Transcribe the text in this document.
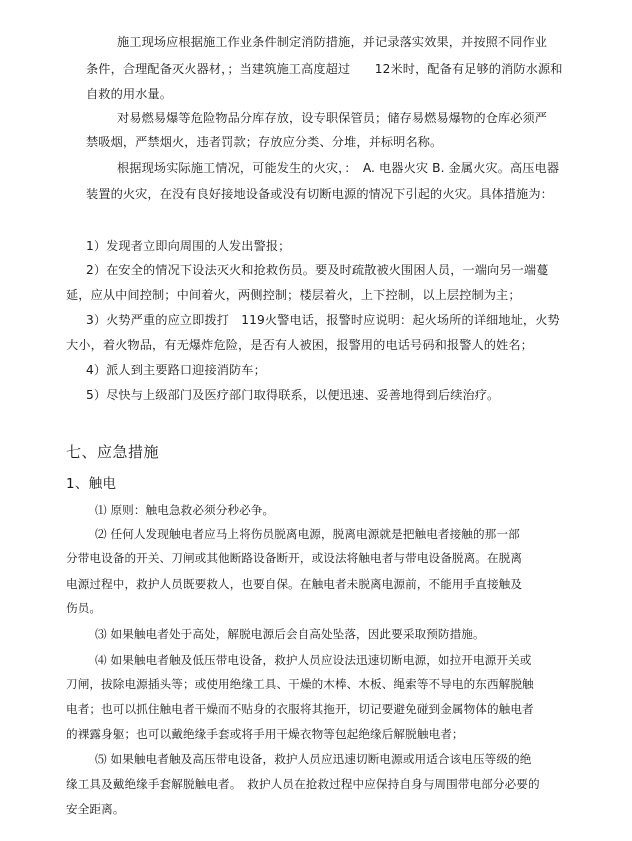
施工现场应根据施工作业条件制定消防措施，并记录落实效果，并按照不同作业
条件，合理配备灭火器材，；当建筑施工高度超过　　12米时，配备有足够的消防水源和
自救的用水量。
对易燃易爆等危险物品分库存放，设专职保管员；储存易燃易爆物的仓库必须严
禁吸烟，严禁烟火，违者罚款；存放应分类、分堆，并标明名称。
根据现场实际施工情况，可能发生的火灾，：　A. 电器火灾 B. 金属火灾。高压电器
装置的火灾，在没有良好接地设备或没有切断电源的情况下引起的火灾。具体措施为：
1）发现者立即向周围的人发出警报；
2）在安全的情况下设法灭火和抢救伤员。要及时疏散被火围困人员，一端向另一端蔓
延，应从中间控制；中间着火，两侧控制；楼层着火，上下控制，以上层控制为主；
3）火势严重的应立即拨打　119火警电话，报警时应说明：起火场所的详细地址，火势
大小，着火物品，有无爆炸危险，是否有人被困，报警用的电话号码和报警人的姓名；
4）派人到主要路口迎接消防车；
5）尽快与上级部门及医疗部门取得联系，以便迅速、妥善地得到后续治疗。
七、应急措施
1、触电
⑴ 原则：触电急救必须分秒必争。
⑵ 任何人发现触电者应马上将伤员脱离电源，脱离电源就是把触电者接触的那一部
分带电设备的开关、刀闸或其他断路设备断开，或设法将触电者与带电设备脱离。在脱离
电源过程中，救护人员既要救人，也要自保。在触电者未脱离电源前，不能用手直接触及
伤员。
⑶ 如果触电者处于高处，解脱电源后会自高处坠落，因此要采取预防措施。
⑷ 如果触电者触及低压带电设备，救护人员应设法迅速切断电源，如拉开电源开关或
刀闸，拔除电源插头等；或使用绝缘工具、干燥的木棒、木板、绳索等不导电的东西解脱触
电者；也可以抓住触电者干燥而不贴身的衣服将其拖开，切记要避免碰到金属物体的触电者
的裸露身躯；也可以戴绝缘手套或将手用干燥衣物等包起绝缘后解脱触电者；
⑸ 如果触电者触及高压带电设备，救护人员应迅速切断电源或用适合该电压等级的绝
缘工具及戴绝缘手套解脱触电者。　救护人员在抢救过程中应保持自身与周围带电部分必要的
安全距离。
